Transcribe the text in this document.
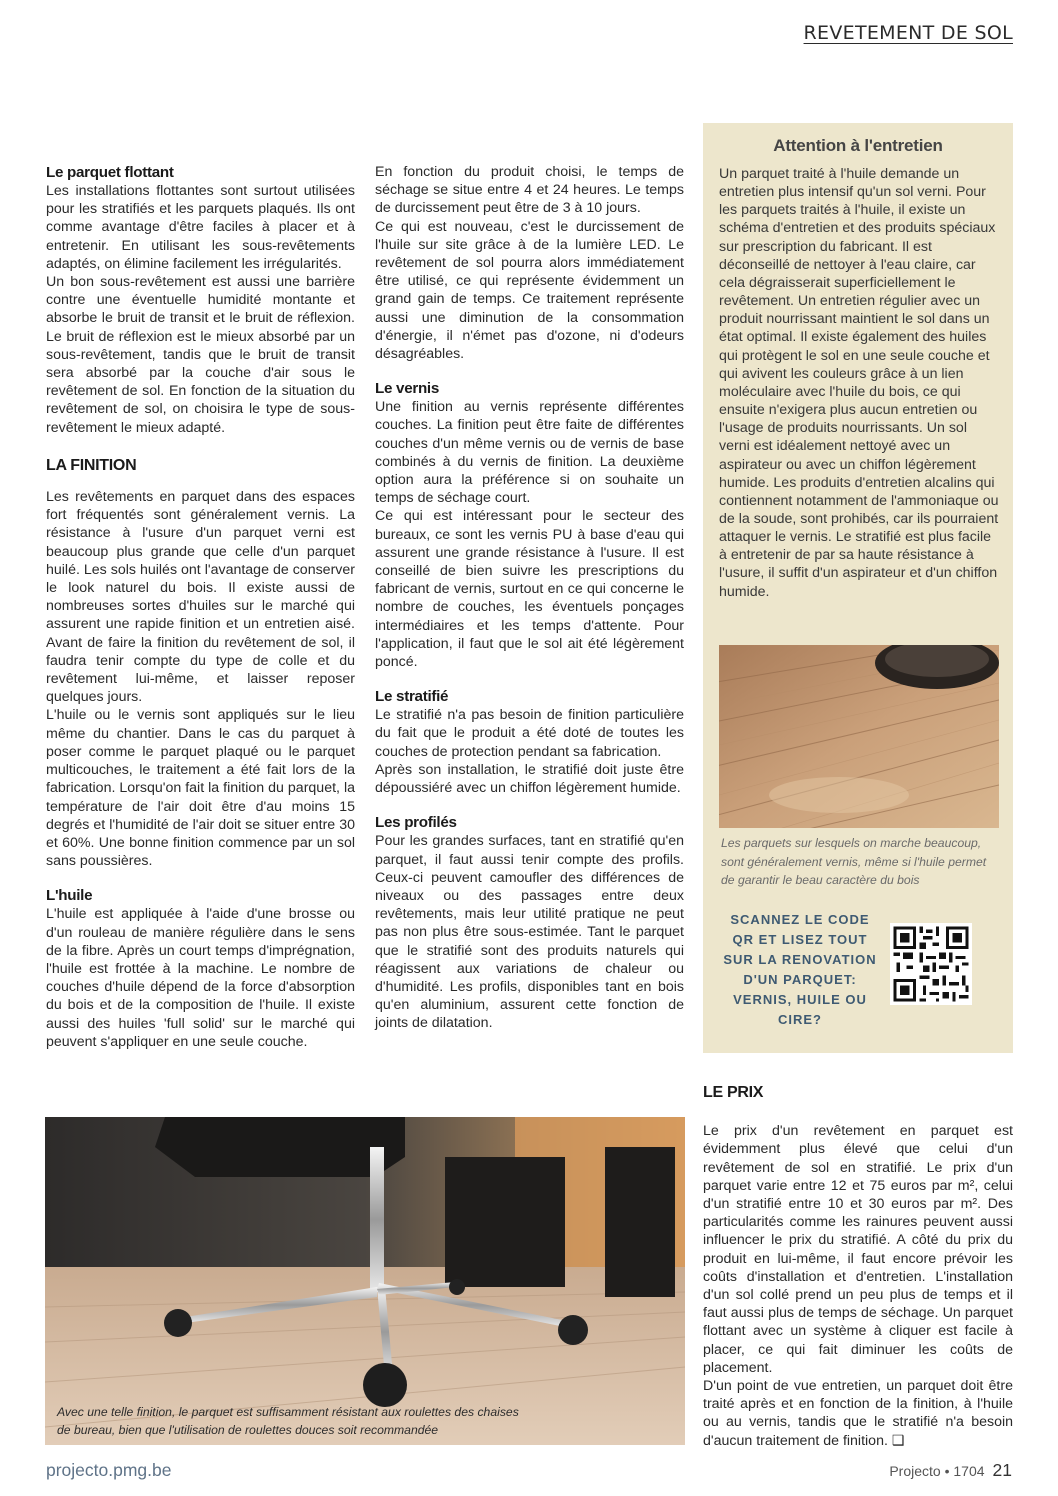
REVETEMENT DE SOL
Le parquet flottant

Les installations flottantes sont surtout utilisées pour les stratifiés et les parquets plaqués. Ils ont comme avantage d'être faciles à placer et à entretenir. En utilisant les sous-revêtements adaptés, on élimine facilement les irrégularités.

Un bon sous-revêtement est aussi une barrière contre une éventuelle humidité montante et absorbe le bruit de transit et le bruit de réflexion. Le bruit de réflexion est le mieux absorbé par un sous-revêtement, tandis que le bruit de transit sera absorbé par la couche d'air sous le revêtement de sol. En fonction de la situation du revêtement de sol, on choisira le type de sous-revêtement le mieux adapté.

LA FINITION

Les revêtements en parquet dans des espaces fort fréquentés sont généralement vernis. La résistance à l'usure d'un parquet verni est beaucoup plus grande que celle d'un parquet huilé. Les sols huilés ont l'avantage de conserver le look naturel du bois. Il existe aussi de nombreuses sortes d'huiles sur le marché qui assurent une rapide finition et un entretien aisé. Avant de faire la finition du revêtement de sol, il faudra tenir compte du type de colle et du revêtement lui-même, et laisser reposer quelques jours.

L'huile ou le vernis sont appliqués sur le lieu même du chantier. Dans le cas du parquet à poser comme le parquet plaqué ou le parquet multicouches, le traitement a été fait lors de la fabrication. Lorsqu'on fait la finition du parquet, la température de l'air doit être d'au moins 15 degrés et l'humidité de l'air doit se situer entre 30 et 60%. Une bonne finition commence par un sol sans poussières.

L'huile

L'huile est appliquée à l'aide d'une brosse ou d'un rouleau de manière régulière dans le sens de la fibre. Après un court temps d'imprégnation, l'huile est frottée à la machine. Le nombre de couches d'huile dépend de la force d'absorption du bois et de la composition de l'huile. Il existe aussi des huiles 'full solid' sur le marché qui peuvent s'appliquer en une seule couche.

En fonction du produit choisi, le temps de séchage se situe entre 4 et 24 heures. Le temps de durcissement peut être de 3 à 10 jours.

Ce qui est nouveau, c'est le durcissement de l'huile sur site grâce à de la lumière LED. Le revêtement de sol pourra alors immédiatement être utilisé, ce qui représente évidemment un grand gain de temps. Ce traitement représente aussi une diminution de la consommation d'énergie, il n'émet pas d'ozone, ni d'odeurs désagréables.

Le vernis

Une finition au vernis représente différentes couches. La finition peut être faite de différentes couches d'un même vernis ou de vernis de base combinés à du vernis de finition. La deuxième option aura la préférence si on souhaite un temps de séchage court.

Ce qui est intéressant pour le secteur des bureaux, ce sont les vernis PU à base d'eau qui assurent une grande résistance à l'usure. Il est conseillé de bien suivre les prescriptions du fabricant de vernis, surtout en ce qui concerne le nombre de couches, les éventuels ponçages intermédiaires et les temps d'attente. Pour l'application, il faut que le sol ait été légèrement poncé.

Le stratifié

Le stratifié n'a pas besoin de finition particulière du fait que le produit a été doté de toutes les couches de protection pendant sa fabrication.

Après son installation, le stratifié doit juste être dépoussiéré avec un chiffon légèrement humide.

Les profilés

Pour les grandes surfaces, tant en stratifié qu'en parquet, il faut aussi tenir compte des profils. Ceux-ci peuvent camoufler des différences de niveaux ou des passages entre deux revêtements, mais leur utilité pratique ne peut pas non plus être sous-estimée. Tant le parquet que le stratifié sont des produits naturels qui réagissent aux variations de chaleur ou d'humidité. Les profils, disponibles tant en bois qu'en aluminium, assurent cette fonction de joints de dilatation.

Attention à l'entretien

Un parquet traité à l'huile demande un entretien plus intensif qu'un sol verni. Pour les parquets traités à l'huile, il existe un schéma d'entretien et des produits spéciaux sur prescription du fabricant. Il est déconseillé de nettoyer à l'eau claire, car cela dégraisserait superficiellement le revêtement. Un entretien régulier avec un produit nourrissant maintient le sol dans un état optimal. Il existe également des huiles qui protègent le sol en une seule couche et qui avivent les couleurs grâce à un lien moléculaire avec l'huile du bois, ce qui ensuite n'exigera plus aucun entretien ou l'usage de produits nourrissants. Un sol verni est idéalement nettoyé avec un aspirateur ou avec un chiffon légèrement humide. Les produits d'entretien alcalins qui contiennent notamment de l'ammoniaque ou de la soude, sont prohibés, car ils pourraient attaquer le vernis. Le stratifié est plus facile à entretenir de par sa haute résistance à l'usure, il suffit d'un aspirateur et d'un chiffon humide.

Les parquets sur lesquels on marche beaucoup, sont généralement vernis, même si l'huile permet de garantir le beau caractère du bois

SCANNEZ LE CODE QR ET LISEZ TOUT SUR LA RENOVATION D'UN PARQUET: VERNIS, HUILE OU CIRE?

LE PRIX

Le prix d'un revêtement en parquet est évidemment plus élevé que celui d'un revêtement de sol en stratifié. Le prix d'un parquet varie entre 12 et 75 euros par m², celui d'un stratifié entre 10 et 30 euros par m². Des particularités comme les rainures peuvent aussi influencer le prix du stratifié. A côté du prix du produit en lui-même, il faut encore prévoir les coûts d'installation et d'entretien. L'installation d'un sol collé prend un peu plus de temps et il faut aussi plus de temps de séchage. Un parquet flottant avec un système à cliquer est facile à placer, ce qui fait diminuer les coûts de placement.

D'un point de vue entretien, un parquet doit être traité après et en fonction de la finition, à l'huile ou au vernis, tandis que le stratifié n'a besoin d'aucun traitement de finition. ❑

Avec une telle finition, le parquet est suffisamment résistant aux roulettes des chaises de bureau, bien que l'utilisation de roulettes douces soit recommandée

projecto.pmg.be	Projecto • 1704 21
